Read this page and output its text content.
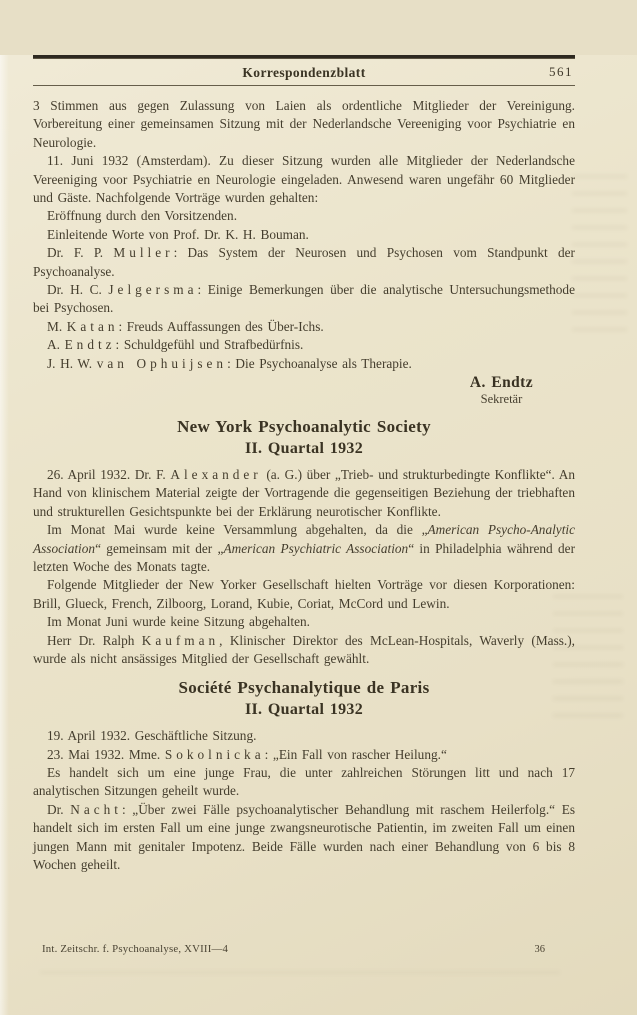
Korrespondenzblatt	561

3 Stimmen aus gegen Zulassung von Laien als ordentliche Mitglieder der Vereinigung. Vorbereitung einer gemeinsamen Sitzung mit der Nederlandsche Vereeniging voor Psychiatrie en Neurologie.

11. Juni 1932 (Amsterdam). Zu dieser Sitzung wurden alle Mitglieder der Nederlandsche Vereeniging voor Psychiatrie en Neurologie eingeladen. Anwesend waren ungefähr 60 Mitglieder und Gäste. Nachfolgende Vorträge wurden gehalten:

Eröffnung durch den Vorsitzenden.

Einleitende Worte von Prof. Dr. K. H. Bouman.

Dr. F. P. Muller: Das System der Neurosen und Psychosen vom Standpunkt der Psychoanalyse.

Dr. H. C. Jelgersma: Einige Bemerkungen über die analytische Untersuchungsmethode bei Psychosen.

M. Katan: Freuds Auffassungen des Über-Ichs.

A. Endtz: Schuldgefühl und Strafbedürfnis.

J. H. W. van Ophuijsen: Die Psychoanalyse als Therapie.

A. Endtz
Sekretär
New York Psychoanalytic Society
II. Quartal 1932

26. April 1932. Dr. F. Alexander (a. G.) über „Trieb- und strukturbedingte Konflikte“. An Hand von klinischem Material zeigte der Vortragende die gegenseitigen Beziehung der triebhaften und strukturellen Gesichtspunkte bei der Erklärung neurotischer Konflikte.

Im Monat Mai wurde keine Versammlung abgehalten, da die „American Psycho-Analytic Association“ gemeinsam mit der „American Psychiatric Association“ in Philadelphia während der letzten Woche des Monats tagte.

Folgende Mitglieder der New Yorker Gesellschaft hielten Vorträge vor diesen Korporationen: Brill, Glueck, French, Zilboorg, Lorand, Kubie, Coriat, McCord und Lewin.

Im Monat Juni wurde keine Sitzung abgehalten.

Herr Dr. Ralph Kaufman, Klinischer Direktor des McLean-Hospitals, Waverly (Mass.), wurde als nicht ansässiges Mitglied der Gesellschaft gewählt.

Société Psychanalytique de Paris
II. Quartal 1932

19. April 1932. Geschäftliche Sitzung.

23. Mai 1932. Mme. Sokolnicka: „Ein Fall von rascher Heilung.“

Es handelt sich um eine junge Frau, die unter zahlreichen Störungen litt und nach 17 analytischen Sitzungen geheilt wurde.

Dr. Nacht: „Über zwei Fälle psychoanalytischer Behandlung mit raschem Heilerfolg.“ Es handelt sich im ersten Fall um eine junge zwangsneurotische Patientin, im zweiten Fall um einen jungen Mann mit genitaler Impotenz. Beide Fälle wurden nach einer Behandlung von 6 bis 8 Wochen geheilt.

Int. Zeitschr. f. Psychoanalyse, XVIII—4	36
